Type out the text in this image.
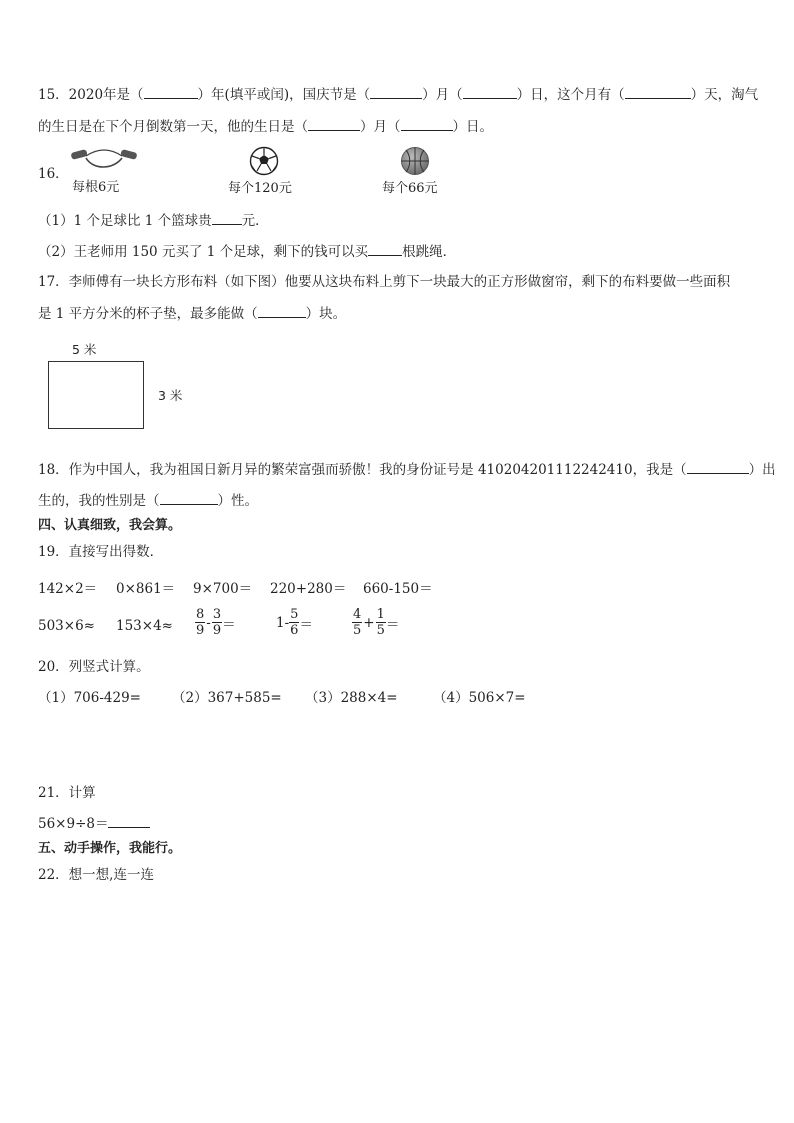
15．2020年是（	）年(填平或闰)，国庆节是（	）月（	）日，这个月有（	）天，淘气
的生日是在下个月倒数第一天，他的生日是（	）月（	）日。
16．
每根6元	每个120元	每个66元
（1）1 个足球比 1 个篮球贵 元．
（2）王老师用 150 元买了 1 个足球，剩下的钱可以买	根跳绳．
17．李师傅有一块长方形布料（如下图）他要从这块布料上剪下一块最大的正方形做窗帘，剩下的布料要做一些面积
是 1 平方分米的杯子垫，最多能做（	）块。
5 米
3 米
18．作为中国人，我为祖国日新月异的繁荣富强而骄傲！我的身份证号是 410204201112242410，我是（	）出
生的，我的性别是（	）性。
四、认真细致，我会算。
19．直接写出得数．
142×2＝ 0×861＝ 9×700＝ 220+280＝ 660-150＝
$503\times 6\approx 153\times 4\approx \frac{8}{9} - \frac{3}{9}$ ＝	$1- \frac{5}{6}$ ＝	$\frac{4}{5} + \frac{1}{5}$ ＝
20．列竖式计算。
（1）706-429= （2）367+585= （3）288×4=	（4）506×7=
21．计算
56×9÷8＝
五、动手操作，我能行。
22．想一想,连一连
